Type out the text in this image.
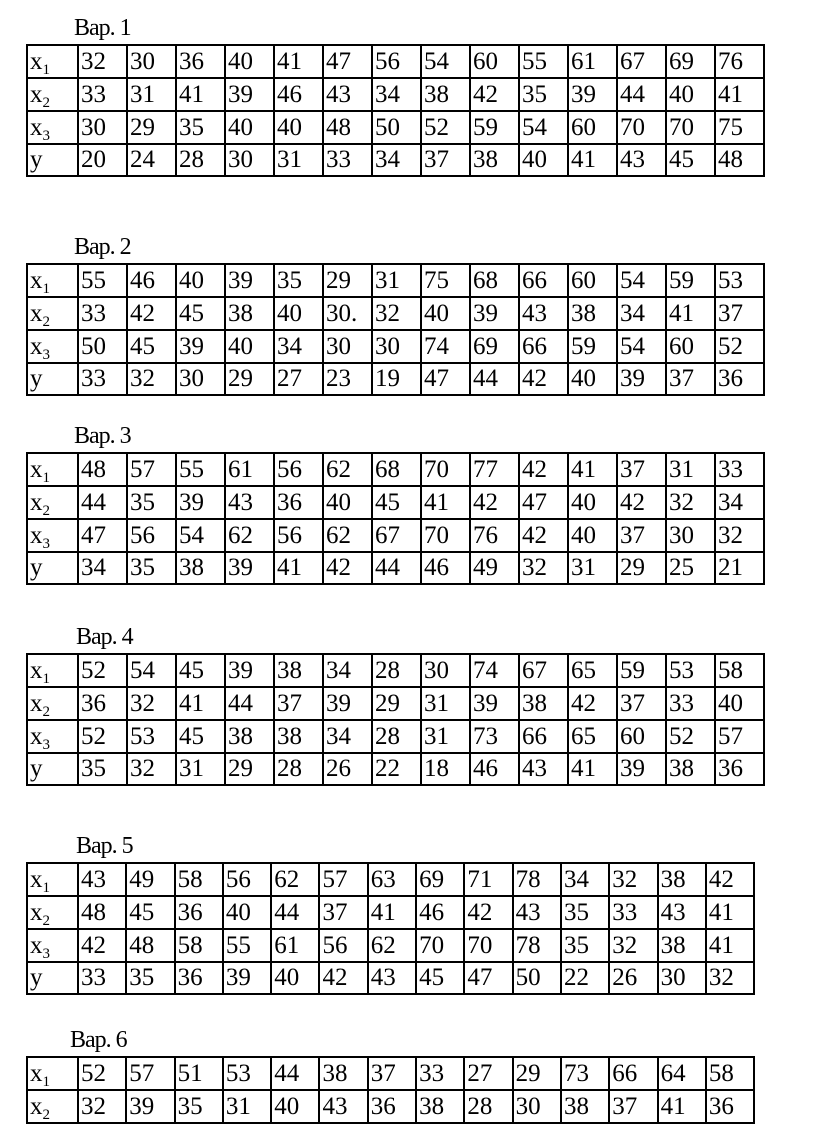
Вар. 1
$x_1$	32	30	36	40	41	47	56	54	60	55	61	67	69	76
$x_2$	33	31	41	39	46	43	34	38	42	35	39	44	40	41
$x_3$	30	29	35	40	40	48	50	52	59	54	60	70	70	75
y	20	24	28	30	31	33	34	37	38	40	41	43	45	48
Вар. 2
$x_1$	55	46	40	39	35	29	31	75	68	66	60	54	59	53
$x_2$	33	42	45	38	40	30.	32	40	39	43	38	34	41	37
$x_3$	50	45	39	40	34	30	30	74	69	66	59	54	60	52
y	33	32	30	29	27	23	19	47	44	42	40	39	37	36
Вар. 3
$x_1$	48	57	55	61	56	62	68	70	77	42	41	37	31	33
$x_2$	44	35	39	43	36	40	45	41	42	47	40	42	32	34
$x_3$	47	56	54	62	56	62	67	70	76	42	40	37	30	32
y	34	35	38	39	41	42	44	46	49	32	31	29	25	21
Вар. 4
$x_1$	52	54	45	39	38	34	28	30	74	67	65	59	53	58
$x_2$	36	32	41	44	37	39	29	31	39	38	42	37	33	40
$x_3$	52	53	45	38	38	34	28	31	73	66	65	60	52	57
y	35	32	31	29	28	26	22	18	46	43	41	39	38	36
Вар. 5
$x_1$	43	49	58	56	62	57	63	69	71	78	34	32	38	42
$x_2$	48	45	36	40	44	37	41	46	42	43	35	33	43	41
$x_3$	42	48	58	55	61	56	62	70	70	78	35	32	38	41
y	33	35	36	39	40	42	43	45	47	50	22	26	30	32
Вар. 6
$x_1$	52	57	51	53	44	38	37	33	27	29	73	66	64	58
$x_2$	32	39	35	31	40	43	36	38	28	30	38	37	41	36
